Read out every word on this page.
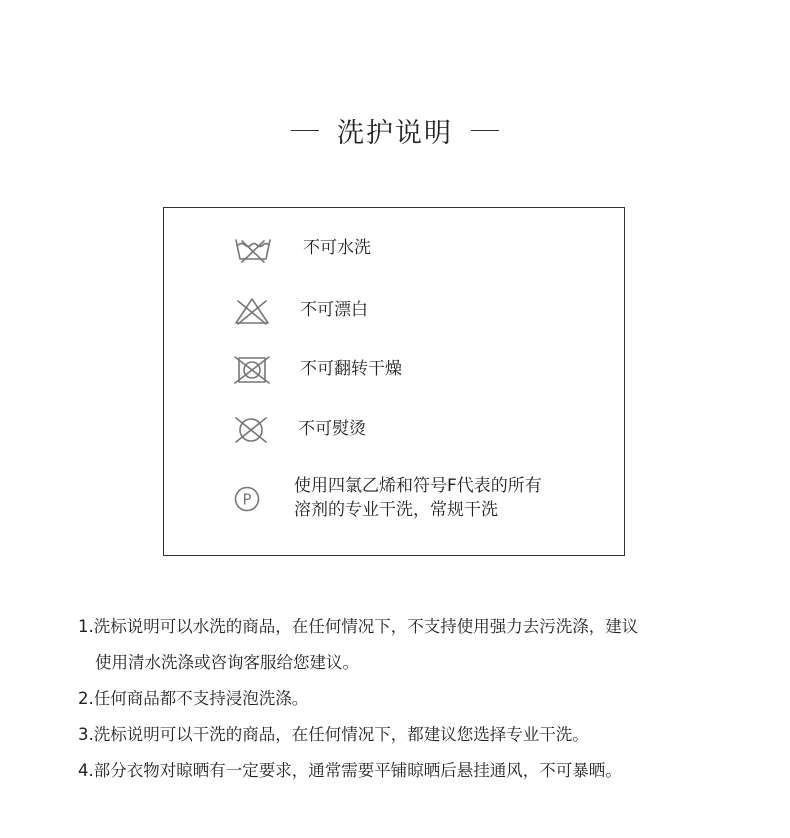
洗护说明
不可水洗
不可漂白
不可翻转干燥
不可熨烫
P
使用四氯乙烯和符号F代表的所有
溶剂的专业干洗，常规干洗
1.洗标说明可以水洗的商品，在任何情况下，不支持使用强力去污洗涤，建议
使用清水洗涤或咨询客服给您建议。
2.任何商品都不支持浸泡洗涤。
3.洗标说明可以干洗的商品，在任何情况下，都建议您选择专业干洗。
4.部分衣物对晾晒有一定要求，通常需要平铺晾晒后悬挂通风，不可暴晒。
